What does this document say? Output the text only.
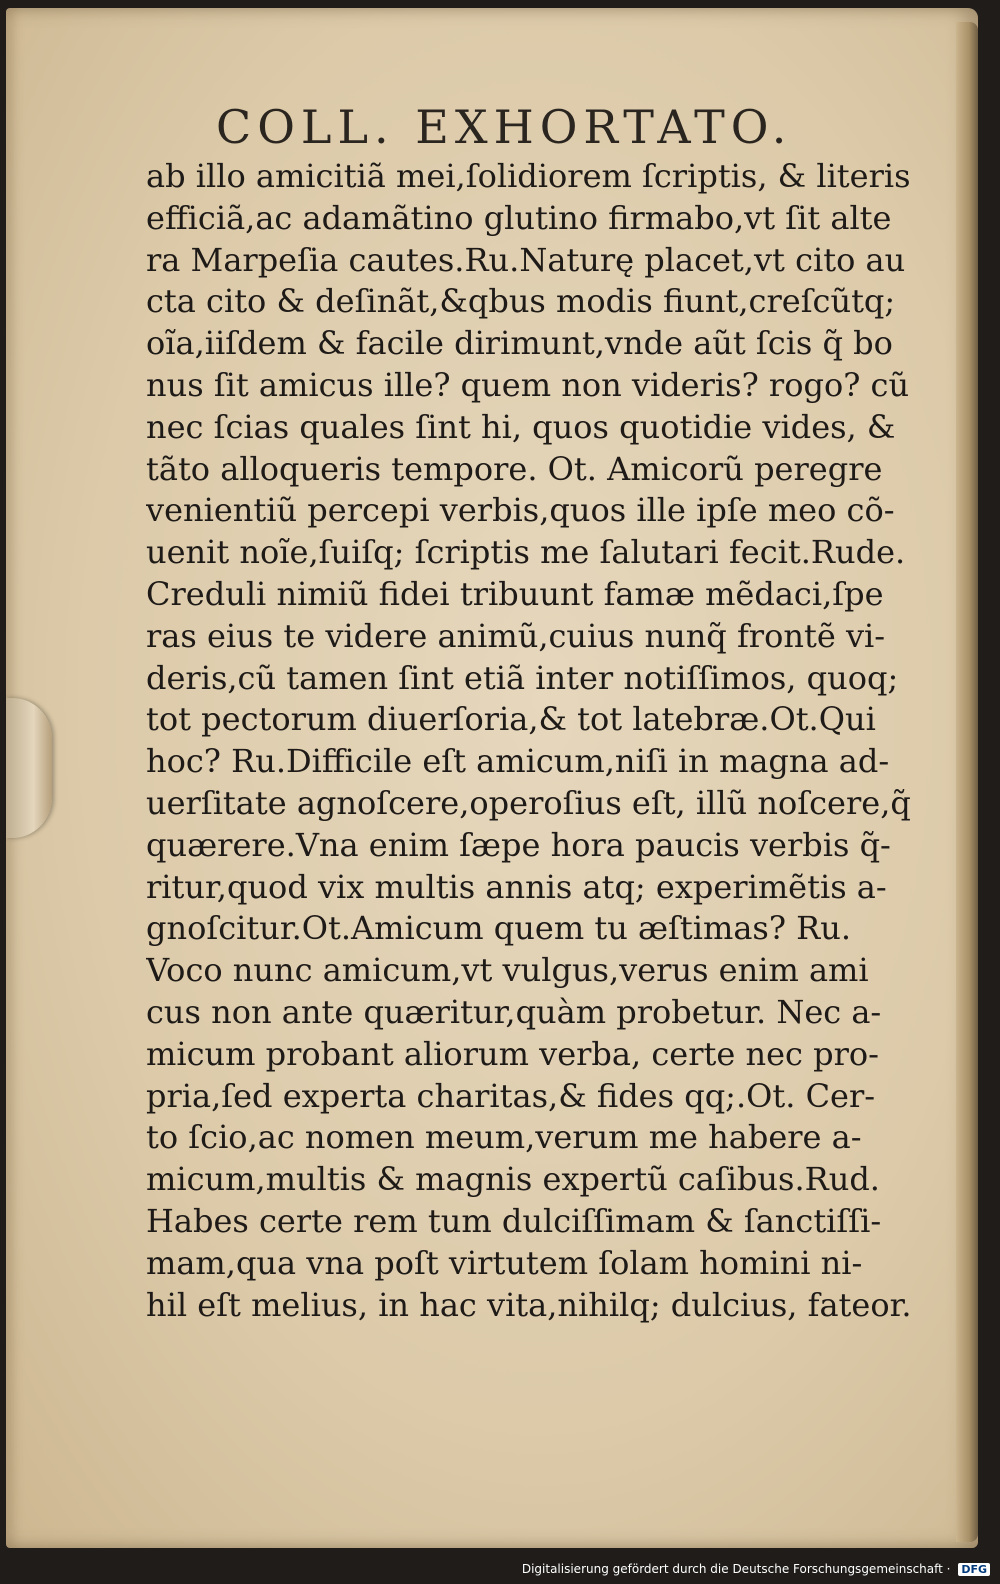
COLL. EXHORTATO.
ab illo amicitiã mei,ſolidiorem ſcriptis, & literis
efficiã,ac adamãtino glutino firmabo,vt ſit alte
ra Marpeſia cautes.Ru.Naturę placet,vt cito au
cta cito & deſinãt,&qbus modis fiunt,creſcũtq;
oĩa,iiſdem & facile dirimunt,vnde aũt ſcis q̃ bo
nus ſit amicus ille? quem non videris? rogo? cũ
nec ſcias quales ſint hi, quos quotidie vides, &
tãto alloqueris tempore. Ot. Amicorũ peregre
venientiũ percepi verbis,quos ille ipſe meo cõ-
uenit noĩe,ſuiſq; ſcriptis me ſalutari fecit.Rude.
Creduli nimiũ fidei tribuunt famæ mẽdaci,ſpe
ras eius te videre animũ,cuius nunq̃ frontẽ vi-
deris,cũ tamen ſint etiã inter notiſſimos, quoq;
tot pectorum diuerſoria,& tot latebræ.Ot.Qui
hoc? Ru.Difficile eſt amicum,niſi in magna ad-
uerſitate agnoſcere,operoſius eſt, illũ noſcere,q̃
quærere.Vna enim ſæpe hora paucis verbis q̃-
ritur,quod vix multis annis atq; experimẽtis a-
gnoſcitur.Ot.Amicum quem tu æſtimas? Ru.
Voco nunc amicum,vt vulgus,verus enim ami
cus non ante quæritur,quàm probetur. Nec a-
micum probant aliorum verba, certe nec pro-
pria,ſed experta charitas,& fides qq;.Ot. Cer-
to ſcio,ac nomen meum,verum me habere a-
micum,multis & magnis expertũ caſibus.Rud.
Habes certe rem tum dulciſſimam & ſanctiſſi-
mam,qua vna poſt virtutem ſolam homini ni-
hil eſt melius, in hac vita,nihilq; dulcius, fateor.
Digitalisierung gefördert durch die Deutsche Forschungsgemeinschaft · DFG
